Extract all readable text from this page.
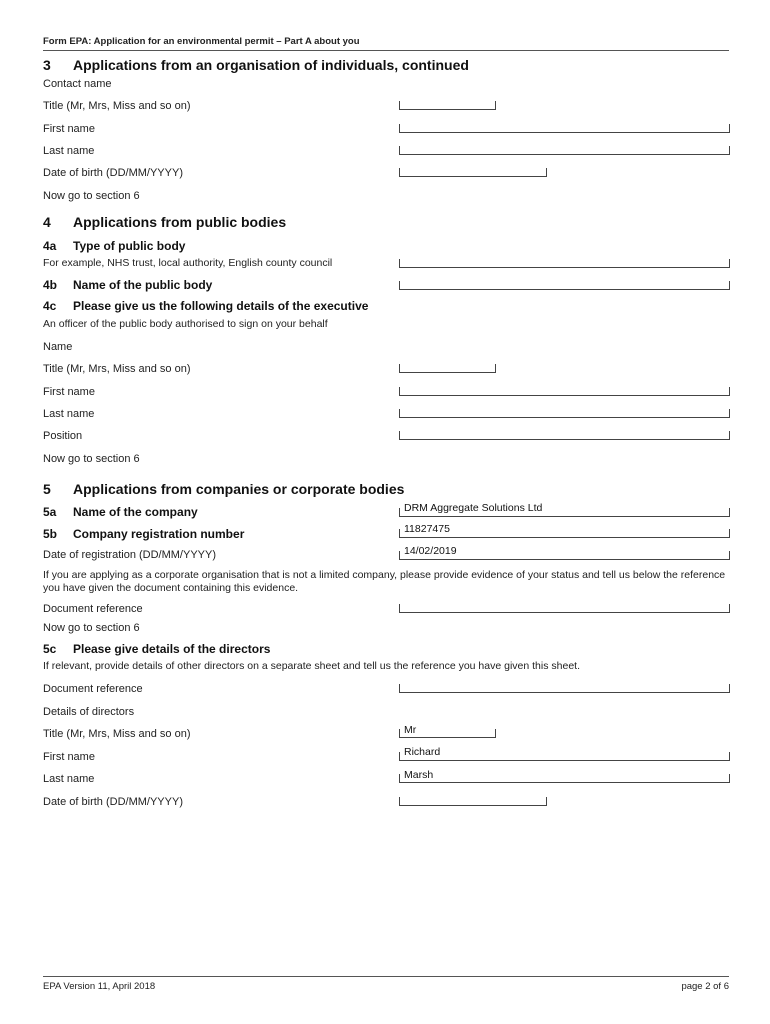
Form EPA: Application for an environmental permit – Part A about you
3 Applications from an organisation of individuals, continued
Contact name
Title (Mr, Mrs, Miss and so on)
First name
Last name
Date of birth (DD/MM/YYYY)
Now go to section 6
4 Applications from public bodies
4a Type of public body
For example, NHS trust, local authority, English county council
4b Name of the public body
4c Please give us the following details of the executive
An officer of the public body authorised to sign on your behalf
Name
Title (Mr, Mrs, Miss and so on)
First name
Last name
Position
Now go to section 6
5 Applications from companies or corporate bodies
5a Name of the company	DRM Aggregate Solutions Ltd
5b Company registration number	11827475
Date of registration (DD/MM/YYYY)	14/02/2019
If you are applying as a corporate organisation that is not a limited company, please provide evidence of your status and tell us below the reference you have given the document containing this evidence.
Document reference
Now go to section 6
5c Please give details of the directors
If relevant, provide details of other directors on a separate sheet and tell us the reference you have given this sheet.
Document reference
Details of directors
Title (Mr, Mrs, Miss and so on)	Mr
First name	Richard
Last name	Marsh
Date of birth (DD/MM/YYYY)
EPA Version 11, April 2018	page 2 of 6
